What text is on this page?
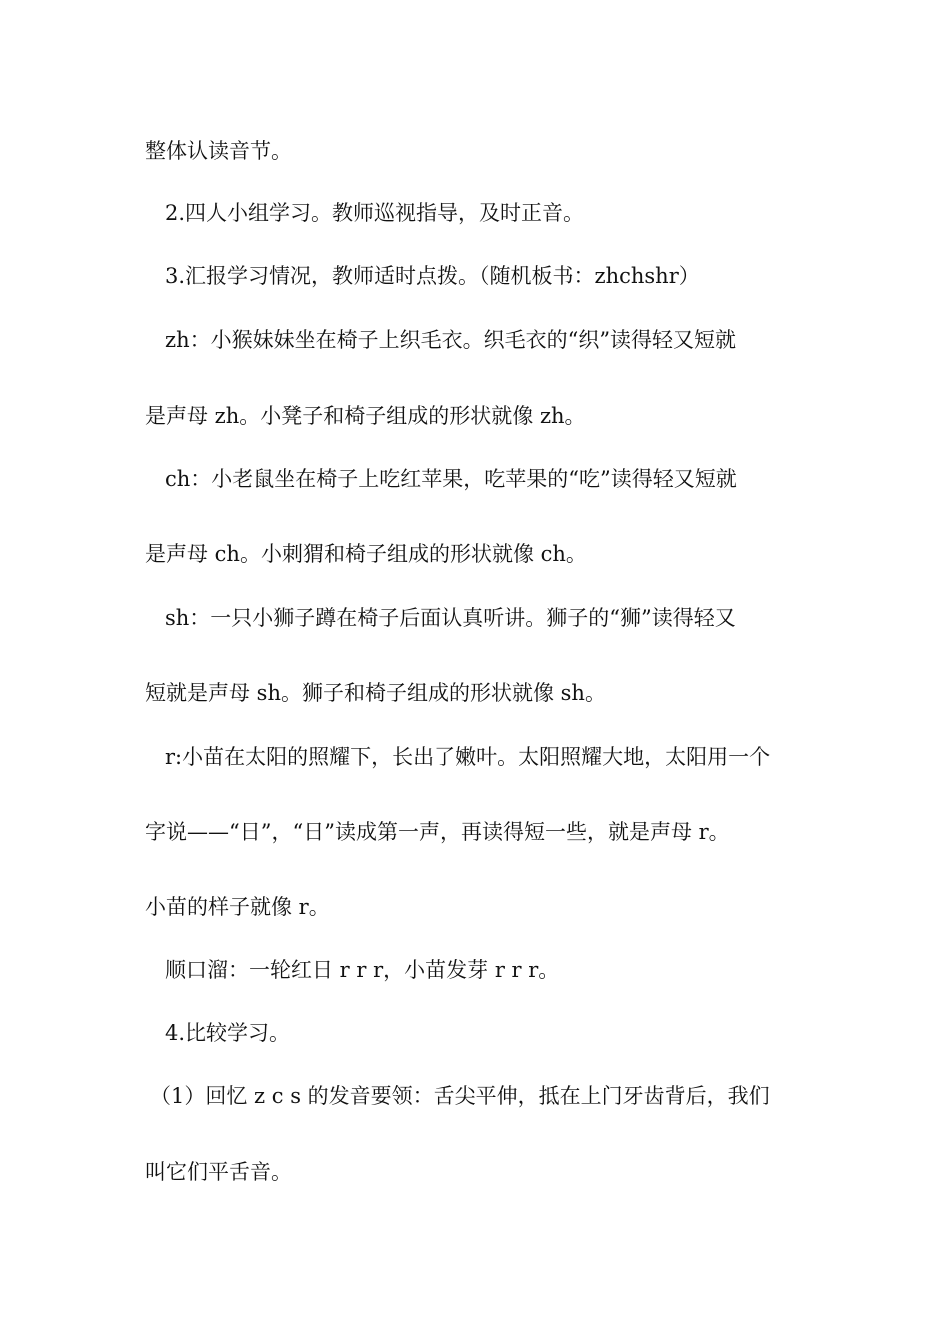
整体认读音节。
2.四人小组学习。教师巡视指导，及时正音。
3.汇报学习情况，教师适时点拨。（随机板书：zhchshr）
zh：小猴妹妹坐在椅子上织毛衣。织毛衣的“织”读得轻又短就
是声母 zh。小凳子和椅子组成的形状就像 zh。
ch：小老鼠坐在椅子上吃红苹果，吃苹果的“吃”读得轻又短就
是声母 ch。小刺猬和椅子组成的形状就像 ch。
sh：一只小狮子蹲在椅子后面认真听讲。狮子的“狮”读得轻又
短就是声母 sh。狮子和椅子组成的形状就像 sh。
r:小苗在太阳的照耀下，长出了嫩叶。太阳照耀大地，太阳用一个
字说——“日”，“日”读成第一声，再读得短一些，就是声母 r。
小苗的样子就像 r。
顺口溜：一轮红日 r r r，小苗发芽 r r r。
4.比较学习。
（1）回忆 z c s 的发音要领：舌尖平伸，抵在上门牙齿背后，我们
叫它们平舌音。
